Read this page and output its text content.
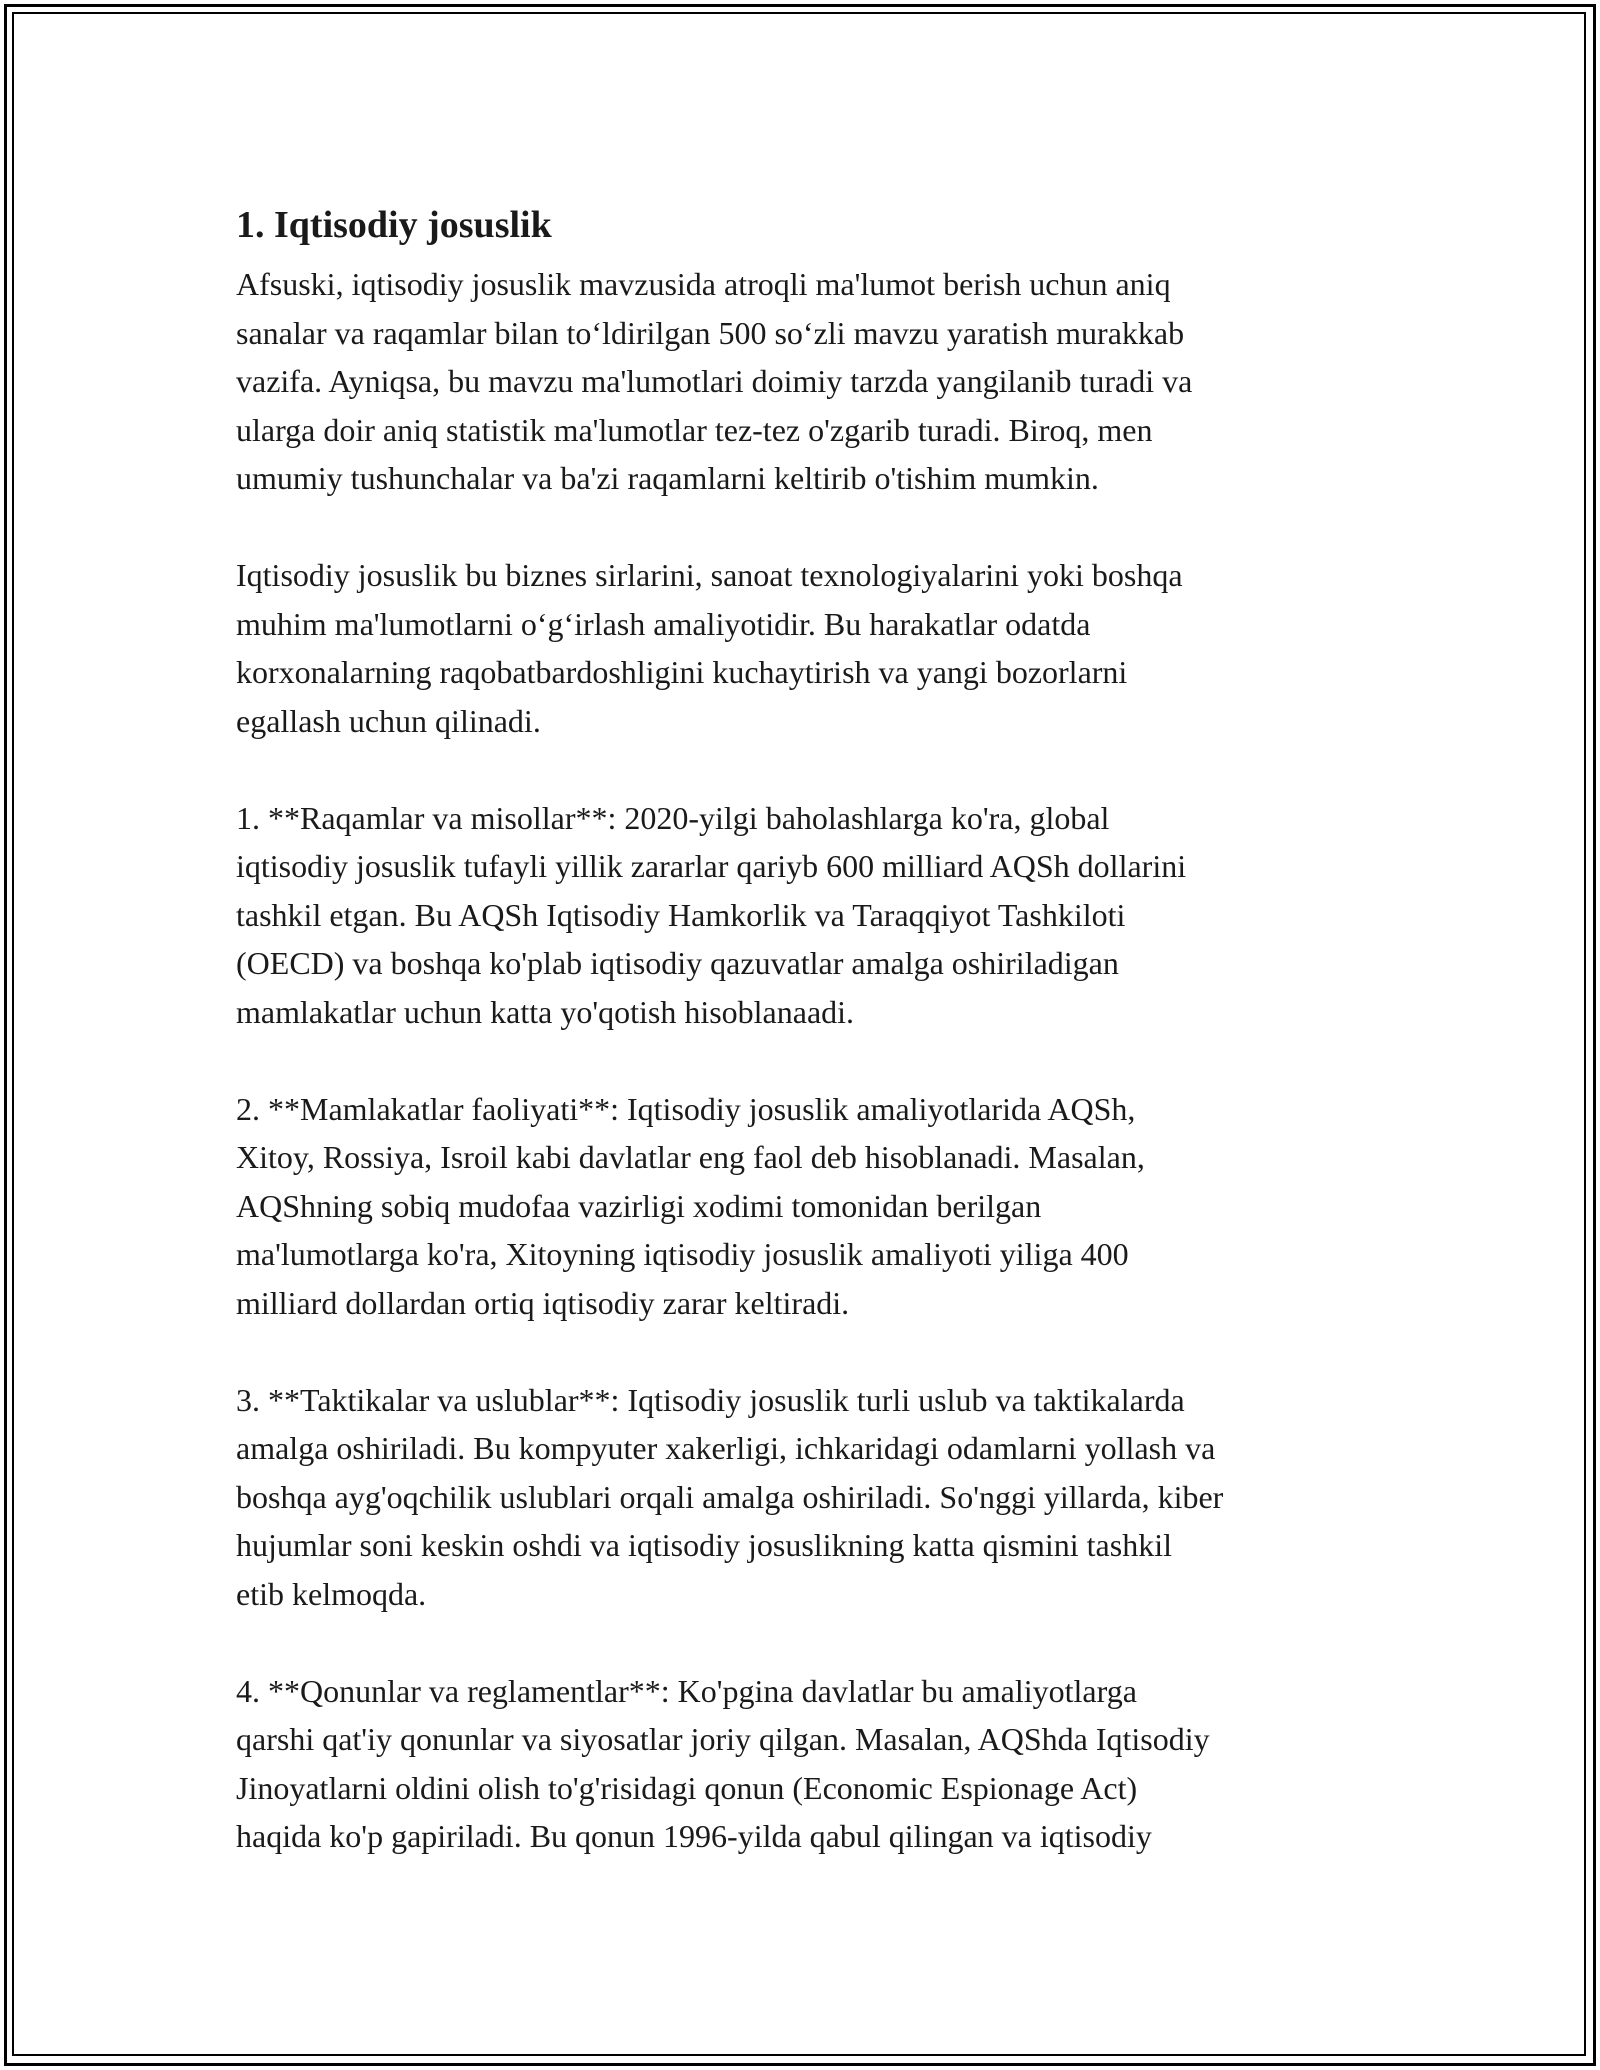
1. Iqtisodiy josuslik

Afsuski, iqtisodiy josuslik mavzusida atroqli ma'lumot berish uchun aniq
sanalar va raqamlar bilan to‘ldirilgan 500 so‘zli mavzu yaratish murakkab
vazifa. Ayniqsa, bu mavzu ma'lumotlari doimiy tarzda yangilanib turadi va
ularga doir aniq statistik ma'lumotlar tez-tez o'zgarib turadi. Biroq, men
umumiy tushunchalar va ba'zi raqamlarni keltirib o'tishim mumkin.

Iqtisodiy josuslik bu biznes sirlarini, sanoat texnologiyalarini yoki boshqa
muhim ma'lumotlarni o‘g‘irlash amaliyotidir. Bu harakatlar odatda
korxonalarning raqobatbardoshligini kuchaytirish va yangi bozorlarni
egallash uchun qilinadi.

1. **Raqamlar va misollar**: 2020-yilgi baholashlarga ko'ra, global
iqtisodiy josuslik tufayli yillik zararlar qariyb 600 milliard AQSh dollarini
tashkil etgan. Bu AQSh Iqtisodiy Hamkorlik va Taraqqiyot Tashkiloti
(OECD) va boshqa ko'plab iqtisodiy qazuvatlar amalga oshiriladigan
mamlakatlar uchun katta yo'qotish hisoblanaadi.

2. **Mamlakatlar faoliyati**: Iqtisodiy josuslik amaliyotlarida AQSh,
Xitoy, Rossiya, Isroil kabi davlatlar eng faol deb hisoblanadi. Masalan,
AQShning sobiq mudofaa vazirligi xodimi tomonidan berilgan
ma'lumotlarga ko'ra, Xitoyning iqtisodiy josuslik amaliyoti yiliga 400
milliard dollardan ortiq iqtisodiy zarar keltiradi.

3. **Taktikalar va uslublar**: Iqtisodiy josuslik turli uslub va taktikalarda
amalga oshiriladi. Bu kompyuter xakerligi, ichkaridagi odamlarni yollash va
boshqa ayg'oqchilik uslublari orqali amalga oshiriladi. So'nggi yillarda, kiber
hujumlar soni keskin oshdi va iqtisodiy josuslikning katta qismini tashkil
etib kelmoqda.

4. **Qonunlar va reglamentlar**: Ko'pgina davlatlar bu amaliyotlarga
qarshi qat'iy qonunlar va siyosatlar joriy qilgan. Masalan, AQShda Iqtisodiy
Jinoyatlarni oldini olish to'g'risidagi qonun (Economic Espionage Act)
haqida ko'p gapiriladi. Bu qonun 1996-yilda qabul qilingan va iqtisodiy
